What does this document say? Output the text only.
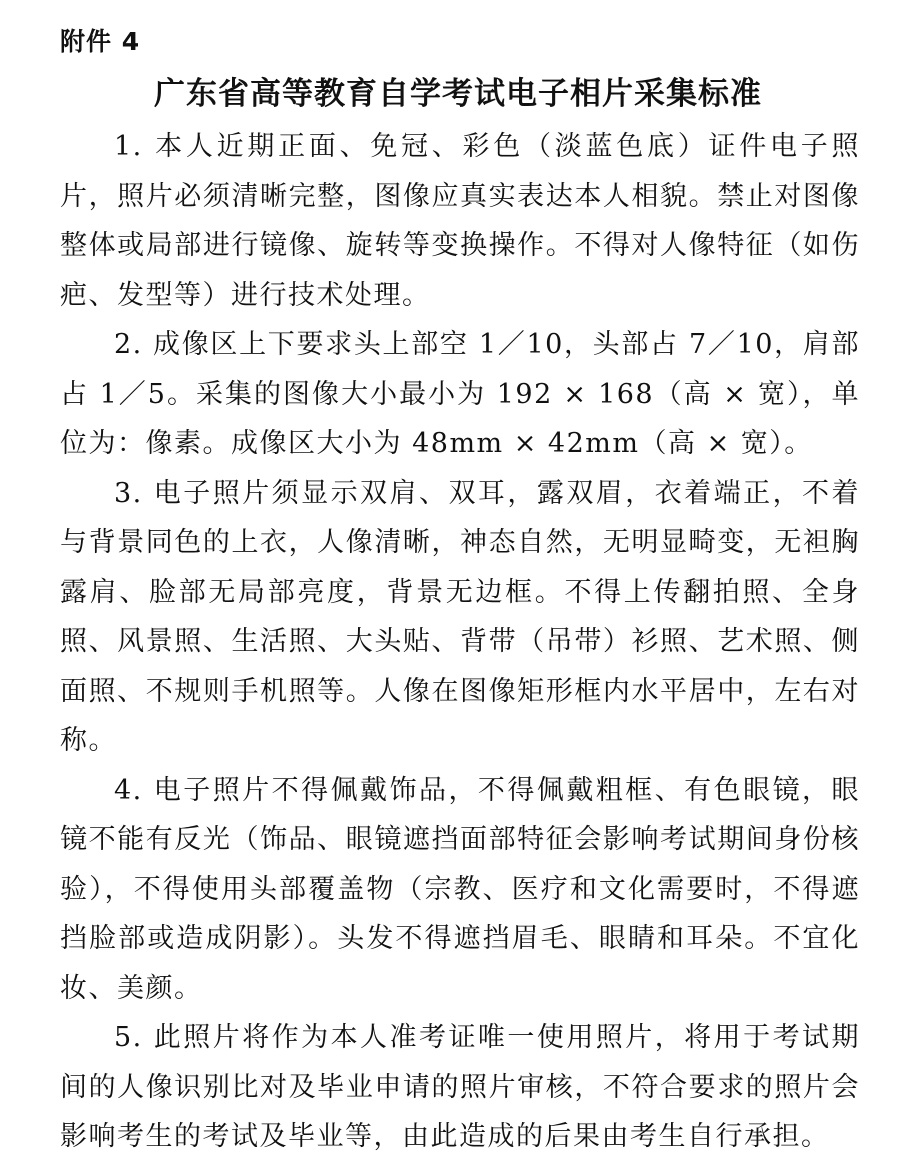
附件 4

广东省高等教育自学考试电子相片采集标准

1. 本人近期正面、免冠、彩色（淡蓝色底）证件电子照片，照片必须清晰完整，图像应真实表达本人相貌。禁止对图像整体或局部进行镜像、旋转等变换操作。不得对人像特征（如伤疤、发型等）进行技术处理。

2. 成像区上下要求头上部空 1／10，头部占 7／10，肩部占 1／5。采集的图像大小最小为 192 × 168（高 × 宽），单位为：像素。成像区大小为 48mm × 42mm（高 × 宽）。

3. 电子照片须显示双肩、双耳，露双眉，衣着端正，不着与背景同色的上衣，人像清晰，神态自然，无明显畸变，无袒胸露肩、脸部无局部亮度，背景无边框。不得上传翻拍照、全身照、风景照、生活照、大头贴、背带（吊带）衫照、艺术照、侧面照、不规则手机照等。人像在图像矩形框内水平居中，左右对称。

4. 电子照片不得佩戴饰品，不得佩戴粗框、有色眼镜，眼镜不能有反光（饰品、眼镜遮挡面部特征会影响考试期间身份核验），不得使用头部覆盖物（宗教、医疗和文化需要时，不得遮挡脸部或造成阴影）。头发不得遮挡眉毛、眼睛和耳朵。不宜化妆、美颜。

5. 此照片将作为本人准考证唯一使用照片，将用于考试期间的人像识别比对及毕业申请的照片审核，不符合要求的照片会影响考生的考试及毕业等，由此造成的后果由考生自行承担。
